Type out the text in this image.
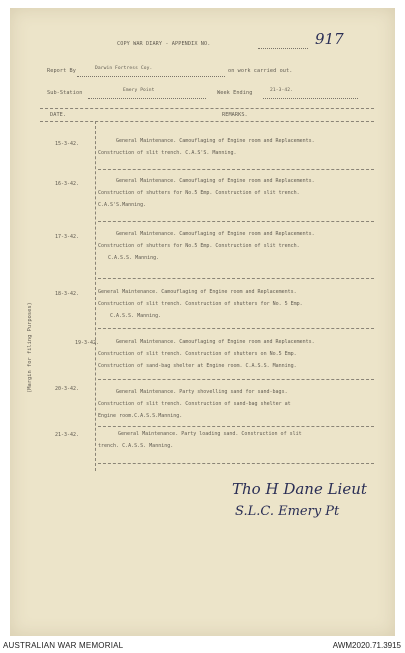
COPY WAR DIARY - APPENDIX NO.	917
Report By	Darwin Fortress Coy.	on work carried out.
Sub-Station	Emery Point	Week Ending	21-3-42.
DATE.	REMARKS.
(Margin for filing Purposes)
15-3-42.	General Maintenance. Camouflaging of Engine room and Replacements.
Construction of slit trench. C.A.S'S. Manning.
16-3-42.	General Maintenance. Camouflaging of Engine room and Replacements.
Construction of shutters for No.5 Emp. Construction of slit trench.
C.A.S'S.Manning.
17-3-42.	General Maintenance. Camouflaging of Engine room and Replacements.
Construction of shutters for No.5 Emp. Construction of slit trench.
C.A.S.S. Manning.
18-3-42.	General Maintenance. Camouflaging of Engine room and Replacements.
Construction of slit trench. Construction of shutters for No. 5 Emp.
C.A.S.S. Manning.
19-3-42.	General Maintenance. Camouflaging of Engine room and Replacements.
Construction of slit trench. Construction of shutters on No.5 Emp.
Construction of sand-bag shelter at Engine room. C.A.S.S. Manning.
20-3-42.	General Maintenance. Party shovelling sand for sand-bags.
Construction of slit trench. Construction of sand-bag shelter at
Engine room.C.A.S.S.Manning.
21-3-42.	General Maintenance. Party loading sand. Construction of slit
trench. C.A.S.S. Manning.
Tho H Dane Lieut
S.L.C. Emery Pt
AUSTRALIAN WAR MEMORIAL	AWM2020.71.3915
